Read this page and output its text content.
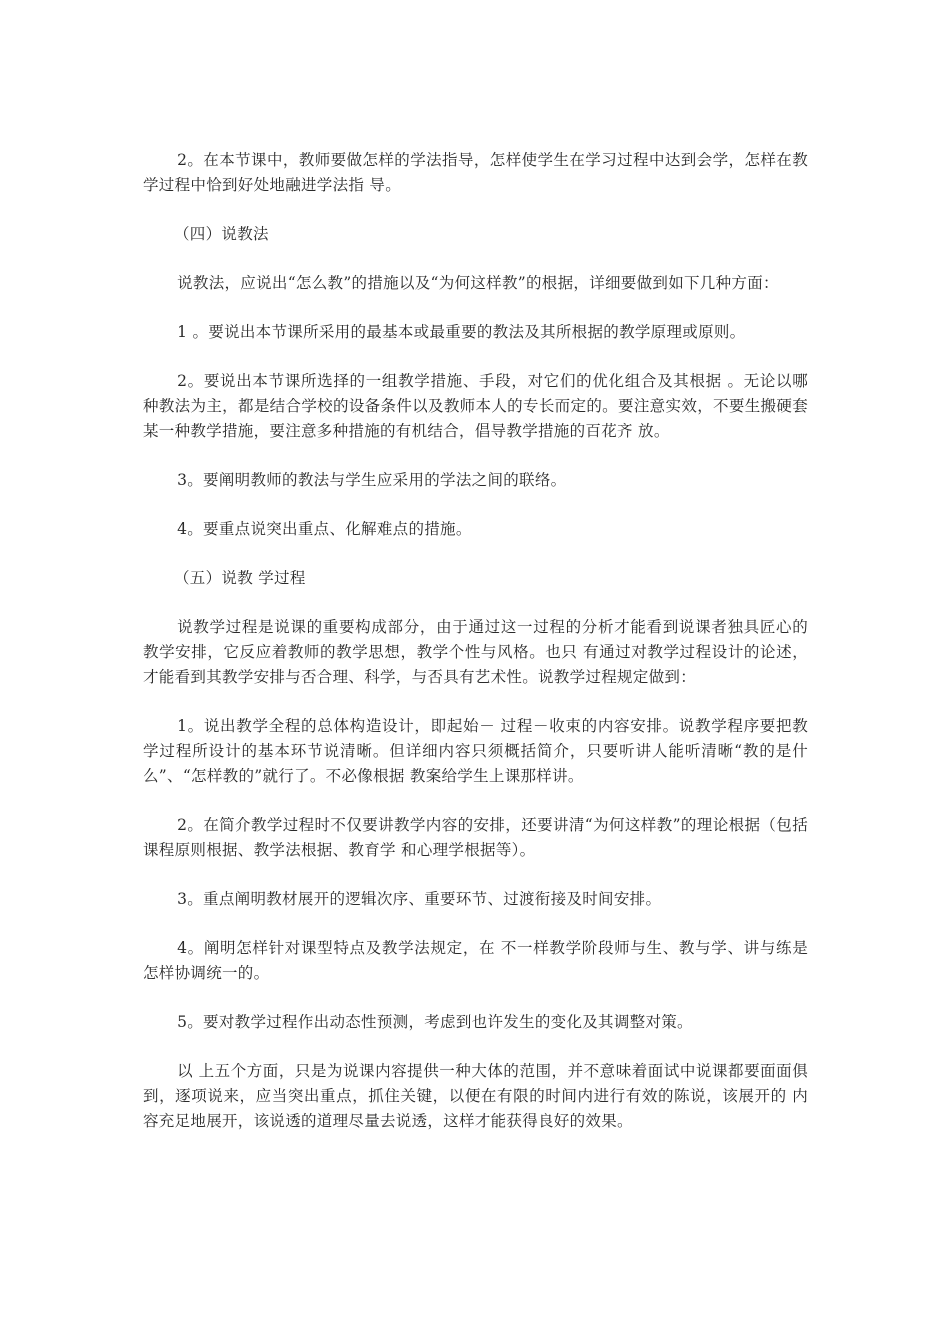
2。在本节课中，教师要做怎样的学法指导，怎样使学生在学习过程中达到会学，怎样在教学过程中恰到好处地融进学法指 导。

（四）说教法

说教法，应说出“怎么教”的措施以及“为何这样教”的根据，详细要做到如下几种方面：

1 。要说出本节课所采用的最基本或最重要的教法及其所根据的教学原理或原则。

2。要说出本节课所选择的一组教学措施、手段，对它们的优化组合及其根据 。无论以哪种教法为主，都是结合学校的设备条件以及教师本人的专长而定的。要注意实效，不要生搬硬套某一种教学措施，要注意多种措施的有机结合，倡导教学措施的百花齐 放。

3。要阐明教师的教法与学生应采用的学法之间的联络。

4。要重点说突出重点、化解难点的措施。

（五）说教 学过程

说教学过程是说课的重要构成部分，由于通过这一过程的分析才能看到说课者独具匠心的教学安排，它反应着教师的教学思想，教学个性与风格。也只 有通过对教学过程设计的论述，才能看到其教学安排与否合理、科学，与否具有艺术性。说教学过程规定做到：

1。说出教学全程的总体构造设计，即起始－ 过程－收束的内容安排。说教学程序要把教学过程所设计的基本环节说清晰。但详细内容只须概括简介，只要听讲人能听清晰“教的是什么”、“怎样教的”就行了。不必像根据 教案给学生上课那样讲。

2。在简介教学过程时不仅要讲教学内容的安排，还要讲清“为何这样教”的理论根据（包括课程原则根据、教学法根据、教育学 和心理学根据等）。

3。重点阐明教材展开的逻辑次序、重要环节、过渡衔接及时间安排。

4。阐明怎样针对课型特点及教学法规定，在 不一样教学阶段师与生、教与学、讲与练是怎样协调统一的。

5。要对教学过程作出动态性预测，考虑到也许发生的变化及其调整对策。

以 上五个方面，只是为说课内容提供一种大体的范围，并不意味着面试中说课都要面面俱到，逐项说来，应当突出重点，抓住关键，以便在有限的时间内进行有效的陈说，该展开的 内容充足地展开，该说透的道理尽量去说透，这样才能获得良好的效果。
